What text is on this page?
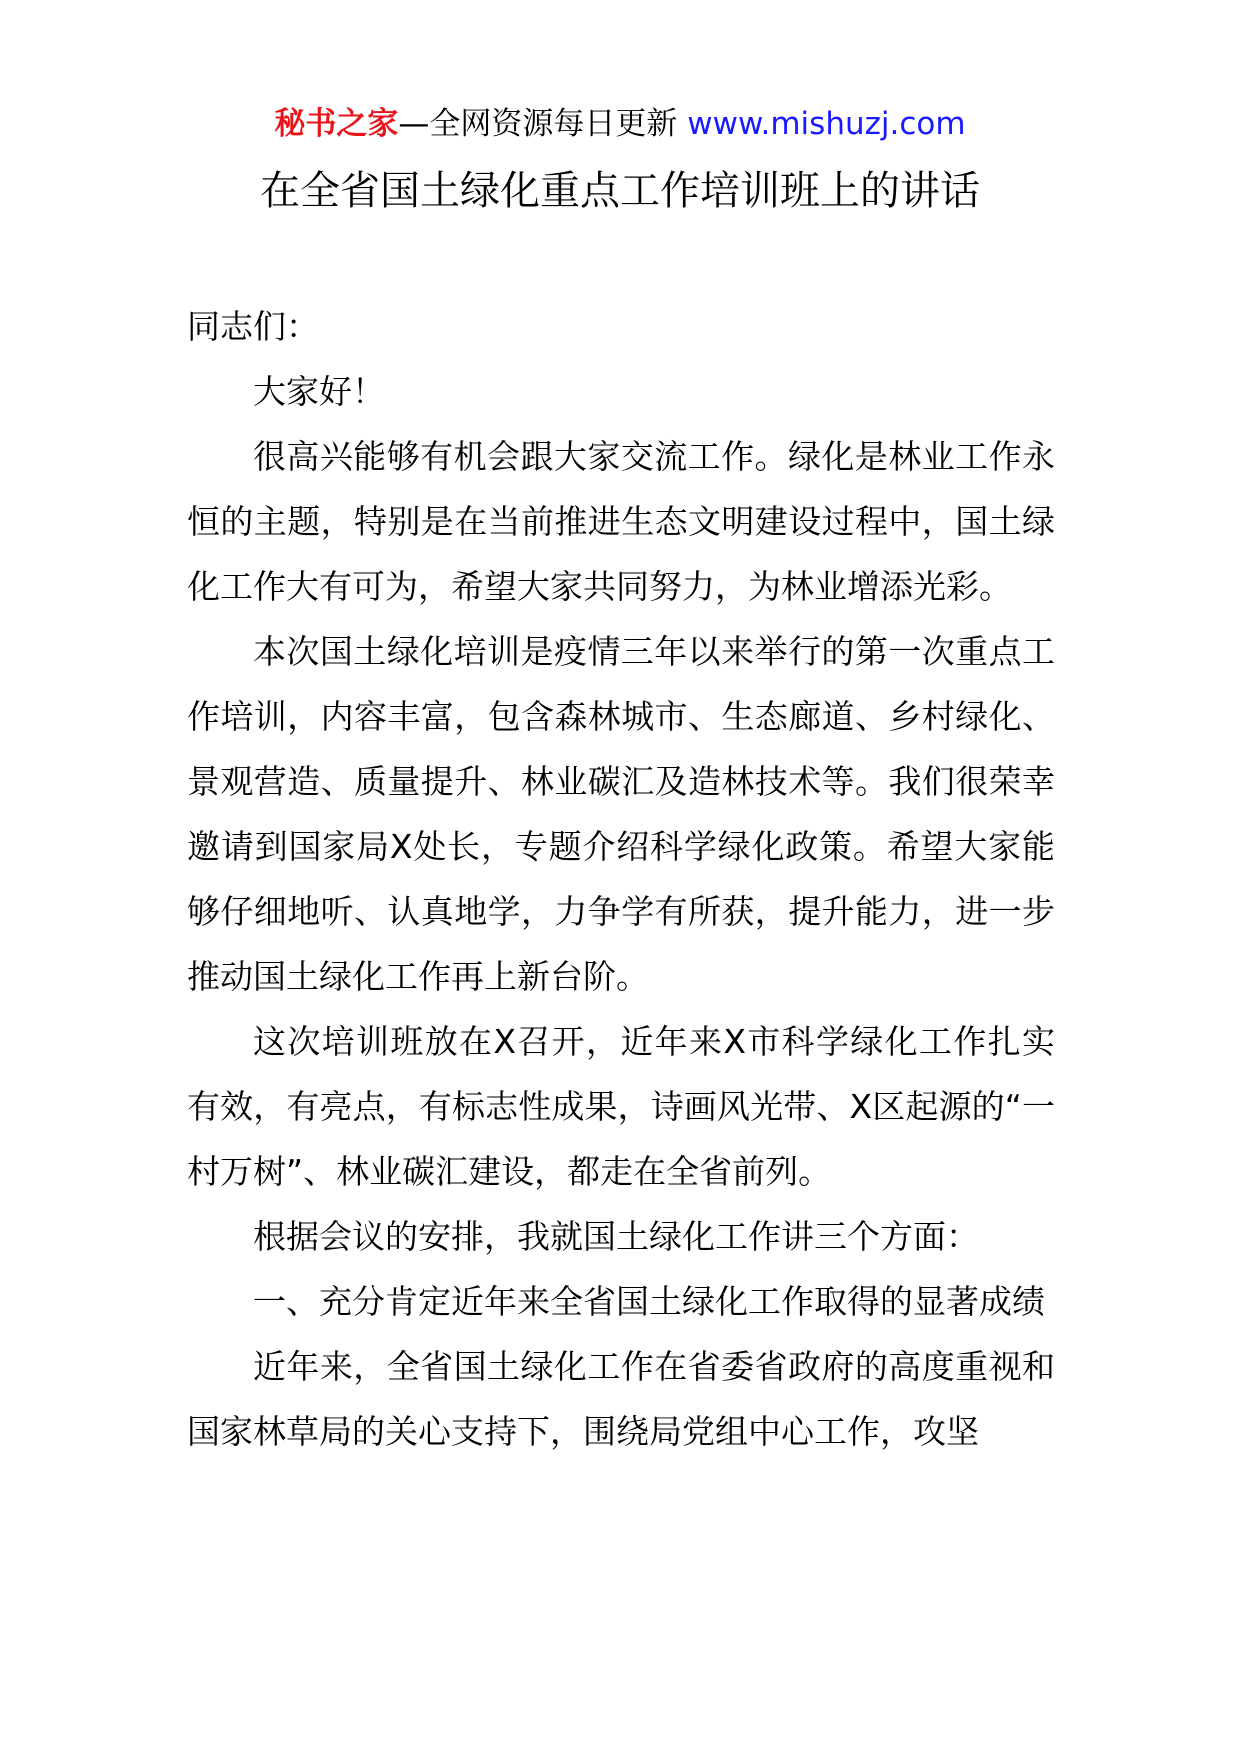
秘书之家—全网资源每日更新 www.mishuzj.com
在全省国土绿化重点工作培训班上的讲话

同志们：

大家好！

很高兴能够有机会跟大家交流工作。绿化是林业工作永恒的主题，特别是在当前推进生态文明建设过程中，国土绿化工作大有可为，希望大家共同努力，为林业增添光彩。

本次国土绿化培训是疫情三年以来举行的第一次重点工作培训，内容丰富，包含森林城市、生态廊道、乡村绿化、景观营造、质量提升、林业碳汇及造林技术等。我们很荣幸邀请到国家局X处长，专题介绍科学绿化政策。希望大家能够仔细地听、认真地学，力争学有所获，提升能力，进一步推动国土绿化工作再上新台阶。

这次培训班放在X召开，近年来X市科学绿化工作扎实有效，有亮点，有标志性成果，诗画风光带、X区起源的“一村万树”、林业碳汇建设，都走在全省前列。

根据会议的安排，我就国土绿化工作讲三个方面：

一、充分肯定近年来全省国土绿化工作取得的显著成绩

近年来，全省国土绿化工作在省委省政府的高度重视和国家林草局的关心支持下，围绕局党组中心工作，攻坚
